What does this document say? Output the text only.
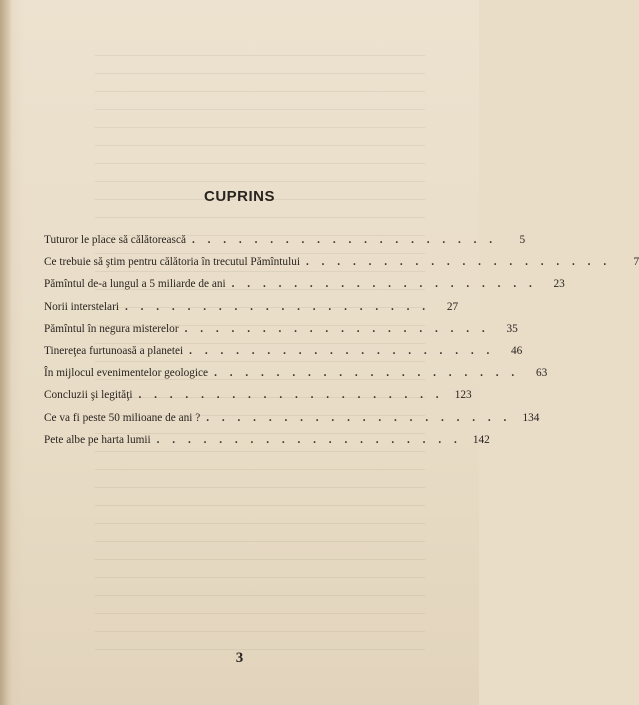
CUPRINS
Tuturor le place să călătorească . . . . . . . . . . . . . . . . . . . .	5
Ce trebuie să ştim pentru călătoria în trecutul Pămîntului . . . . . . . . . . . . . . . . . . . .	7
Pămîntul de-a lungul a 5 miliarde de ani . . . . . . . . . . . . . . . . . . . .	23
Norii interstelari . . . . . . . . . . . . . . . . . . . .	27
Pămîntul în negura misterelor . . . . . . . . . . . . . . . . . . . .	35
Tinereţea furtunoasă a planetei . . . . . . . . . . . . . . . . . . . .	46
În mijlocul evenimentelor geologice . . . . . . . . . . . . . . . . . . . .	63
Concluzii şi legităţi . . . . . . . . . . . . . . . . . . . . 123
Ce va fi peste 50 milioane de ani ? . . . . . . . . . . . . . . . . . . . . 134
Pete albe pe harta lumii . . . . . . . . . . . . . . . . . . . . 142
3
